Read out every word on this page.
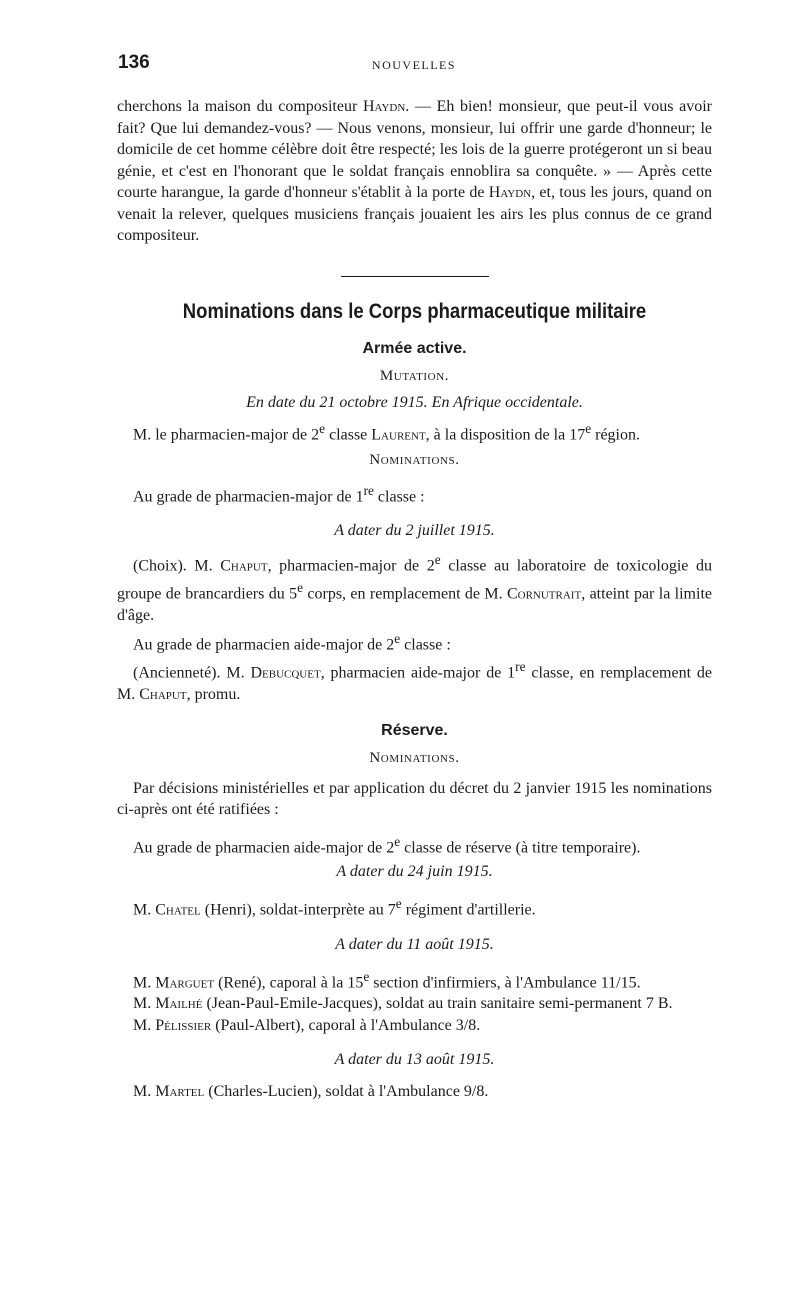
136	NOUVELLES

cherchons la maison du compositeur Haydn. — Eh bien! monsieur, que peut-il vous avoir fait? Que lui demandez-vous? — Nous venons, monsieur, lui offrir une garde d'honneur; le domicile de cet homme célèbre doit être respecté; les lois de la guerre protégeront un si beau génie, et c'est en l'honorant que le soldat français ennoblira sa conquête. » — Après cette courte harangue, la garde d'honneur s'établit à la porte de Haydn, et, tous les jours, quand on venait la relever, quelques musiciens français jouaient les airs les plus connus de ce grand compositeur.

Nominations dans le Corps pharmaceutique militaire
Armée active.

Mutation.

En date du 21 octobre 1915. En Afrique occidentale.

M. le pharmacien-major de 2e classe Laurent, à la disposition de la 17e région.

Nominations.

Au grade de pharmacien-major de 1re classe :

A dater du 2 juillet 1915.

(Choix). M. Chaput, pharmacien-major de 2e classe au laboratoire de toxicologie du groupe de brancardiers du 5e corps, en remplacement de M. Cornutrait, atteint par la limite d'âge.

Au grade de pharmacien aide-major de 2e classe :

(Ancienneté). M. Debucquet, pharmacien aide-major de 1re classe, en remplacement de M. Chaput, promu.

Réserve.

Nominations.

Par décisions ministérielles et par application du décret du 2 janvier 1915 les nominations ci-après ont été ratifiées :

Au grade de pharmacien aide-major de 2e classe de réserve (à titre temporaire).

A dater du 24 juin 1915.

M. Chatel (Henri), soldat-interprète au 7e régiment d'artillerie.

A dater du 11 août 1915.

M. Marguet (René), caporal à la 15e section d'infirmiers, à l'Ambulance 11/15.

M. Mailhé (Jean-Paul-Emile-Jacques), soldat au train sanitaire semi-permanent 7 B.

M. Pélissier (Paul-Albert), caporal à l'Ambulance 3/8.

A dater du 13 août 1915.

M. Martel (Charles-Lucien), soldat à l'Ambulance 9/8.
